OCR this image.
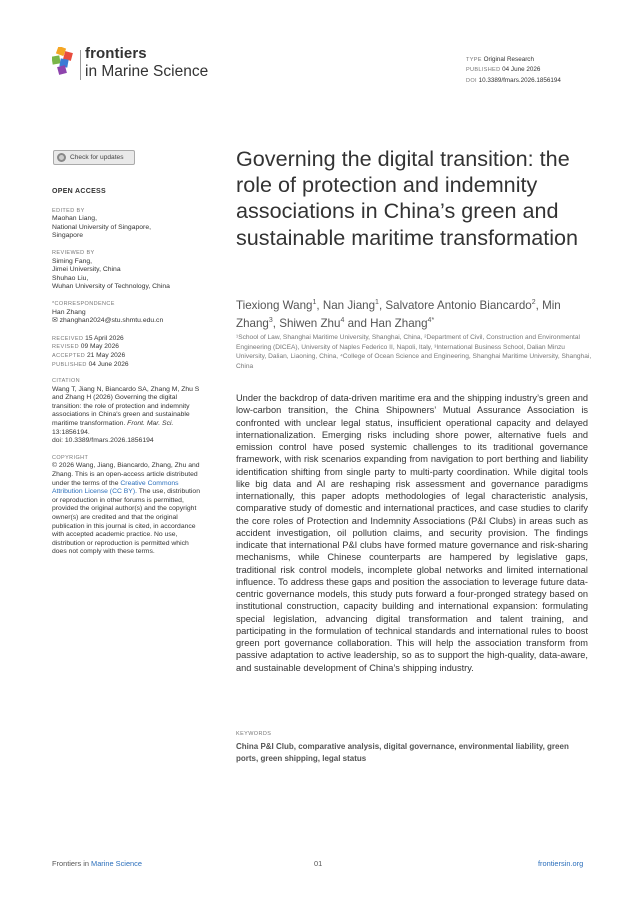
frontiers
in Marine Science
TYPE Original Research
PUBLISHED 04 June 2026
DOI 10.3389/fmars.2026.1856194
Check for updates
OPEN ACCESS
EDITED BY
Maohan Liang,
National University of Singapore,
Singapore
REVIEWED BY
Siming Fang,
Jimei University, China
Shuhao Liu,
Wuhan University of Technology, China
*CORRESPONDENCE
Han Zhang
✉ zhanghan2024@stu.shmtu.edu.cn
RECEIVED 15 April 2026
REVISED 09 May 2026
ACCEPTED 21 May 2026
PUBLISHED 04 June 2026
CITATION
Wang T, Jiang N, Biancardo SA, Zhang M, Zhu S and Zhang H (2026) Governing the digital transition: the role of protection and indemnity associations in China's green and sustainable maritime transformation. Front. Mar. Sci. 13:1856194.
doi: 10.3389/fmars.2026.1856194
COPYRIGHT
© 2026 Wang, Jiang, Biancardo, Zhang, Zhu and Zhang. This is an open-access article distributed under the terms of the Creative Commons Attribution License (CC BY). The use, distribution or reproduction in other forums is permitted, provided the original author(s) and the copyright owner(s) are credited and that the original publication in this journal is cited, in accordance with accepted academic practice. No use, distribution or reproduction is permitted which does not comply with these terms.
Governing the digital transition: the role of protection and indemnity associations in China’s green and sustainable maritime transformation
Tiexiong Wang$^1$, Nan Jiang$^1$, Salvatore Antonio Biancardo$^2$, Min Zhang$^3$, Shiwen Zhu$^4$ and Han Zhang$^{4*}$
¹School of Law, Shanghai Maritime University, Shanghai, China, ²Department of Civil, Construction and Environmental Engineering (DICEA), University of Naples Federico II, Napoli, Italy, ³International Business School, Dalian Minzu University, Dalian, Liaoning, China, ⁴College of Ocean Science and Engineering, Shanghai Maritime University, Shanghai, China
Under the backdrop of data-driven maritime era and the shipping industry’s green and low-carbon transition, the China Shipowners’ Mutual Assurance Association is confronted with unclear legal status, insufficient operational capacity and delayed internationalization. Emerging risks including shore power, alternative fuels and emission control have posed systemic challenges to its traditional governance framework, with risk scenarios expanding from navigation to port berthing and liability identification shifting from single party to multi-party coordination. While digital tools like big data and AI are reshaping risk assessment and governance paradigms internationally, this paper adopts methodologies of legal characteristic analysis, comparative study of domestic and international practices, and case studies to clarify the core roles of Protection and Indemnity Associations (P&I Clubs) in areas such as accident investigation, oil pollution claims, and security provision. The findings indicate that international P&I clubs have formed mature governance and risk-sharing mechanisms, while Chinese counterparts are hampered by legislative gaps, traditional risk control models, incomplete global networks and limited international influence. To address these gaps and position the association to leverage future data-centric governance models, this study puts forward a four-pronged strategy based on institutional construction, capacity building and international expansion: formulating special legislation, advancing digital transformation and talent training, and participating in the formulation of technical standards and international rules to boost green port governance collaboration. This will help the association transform from passive adaptation to active leadership, so as to support the high-quality, data-aware, and sustainable development of China’s shipping industry.
KEYWORDS
China P&I Club, comparative analysis, digital governance, environmental liability, green ports, green shipping, legal status
Frontiers in Marine Science	01	frontiersin.org
